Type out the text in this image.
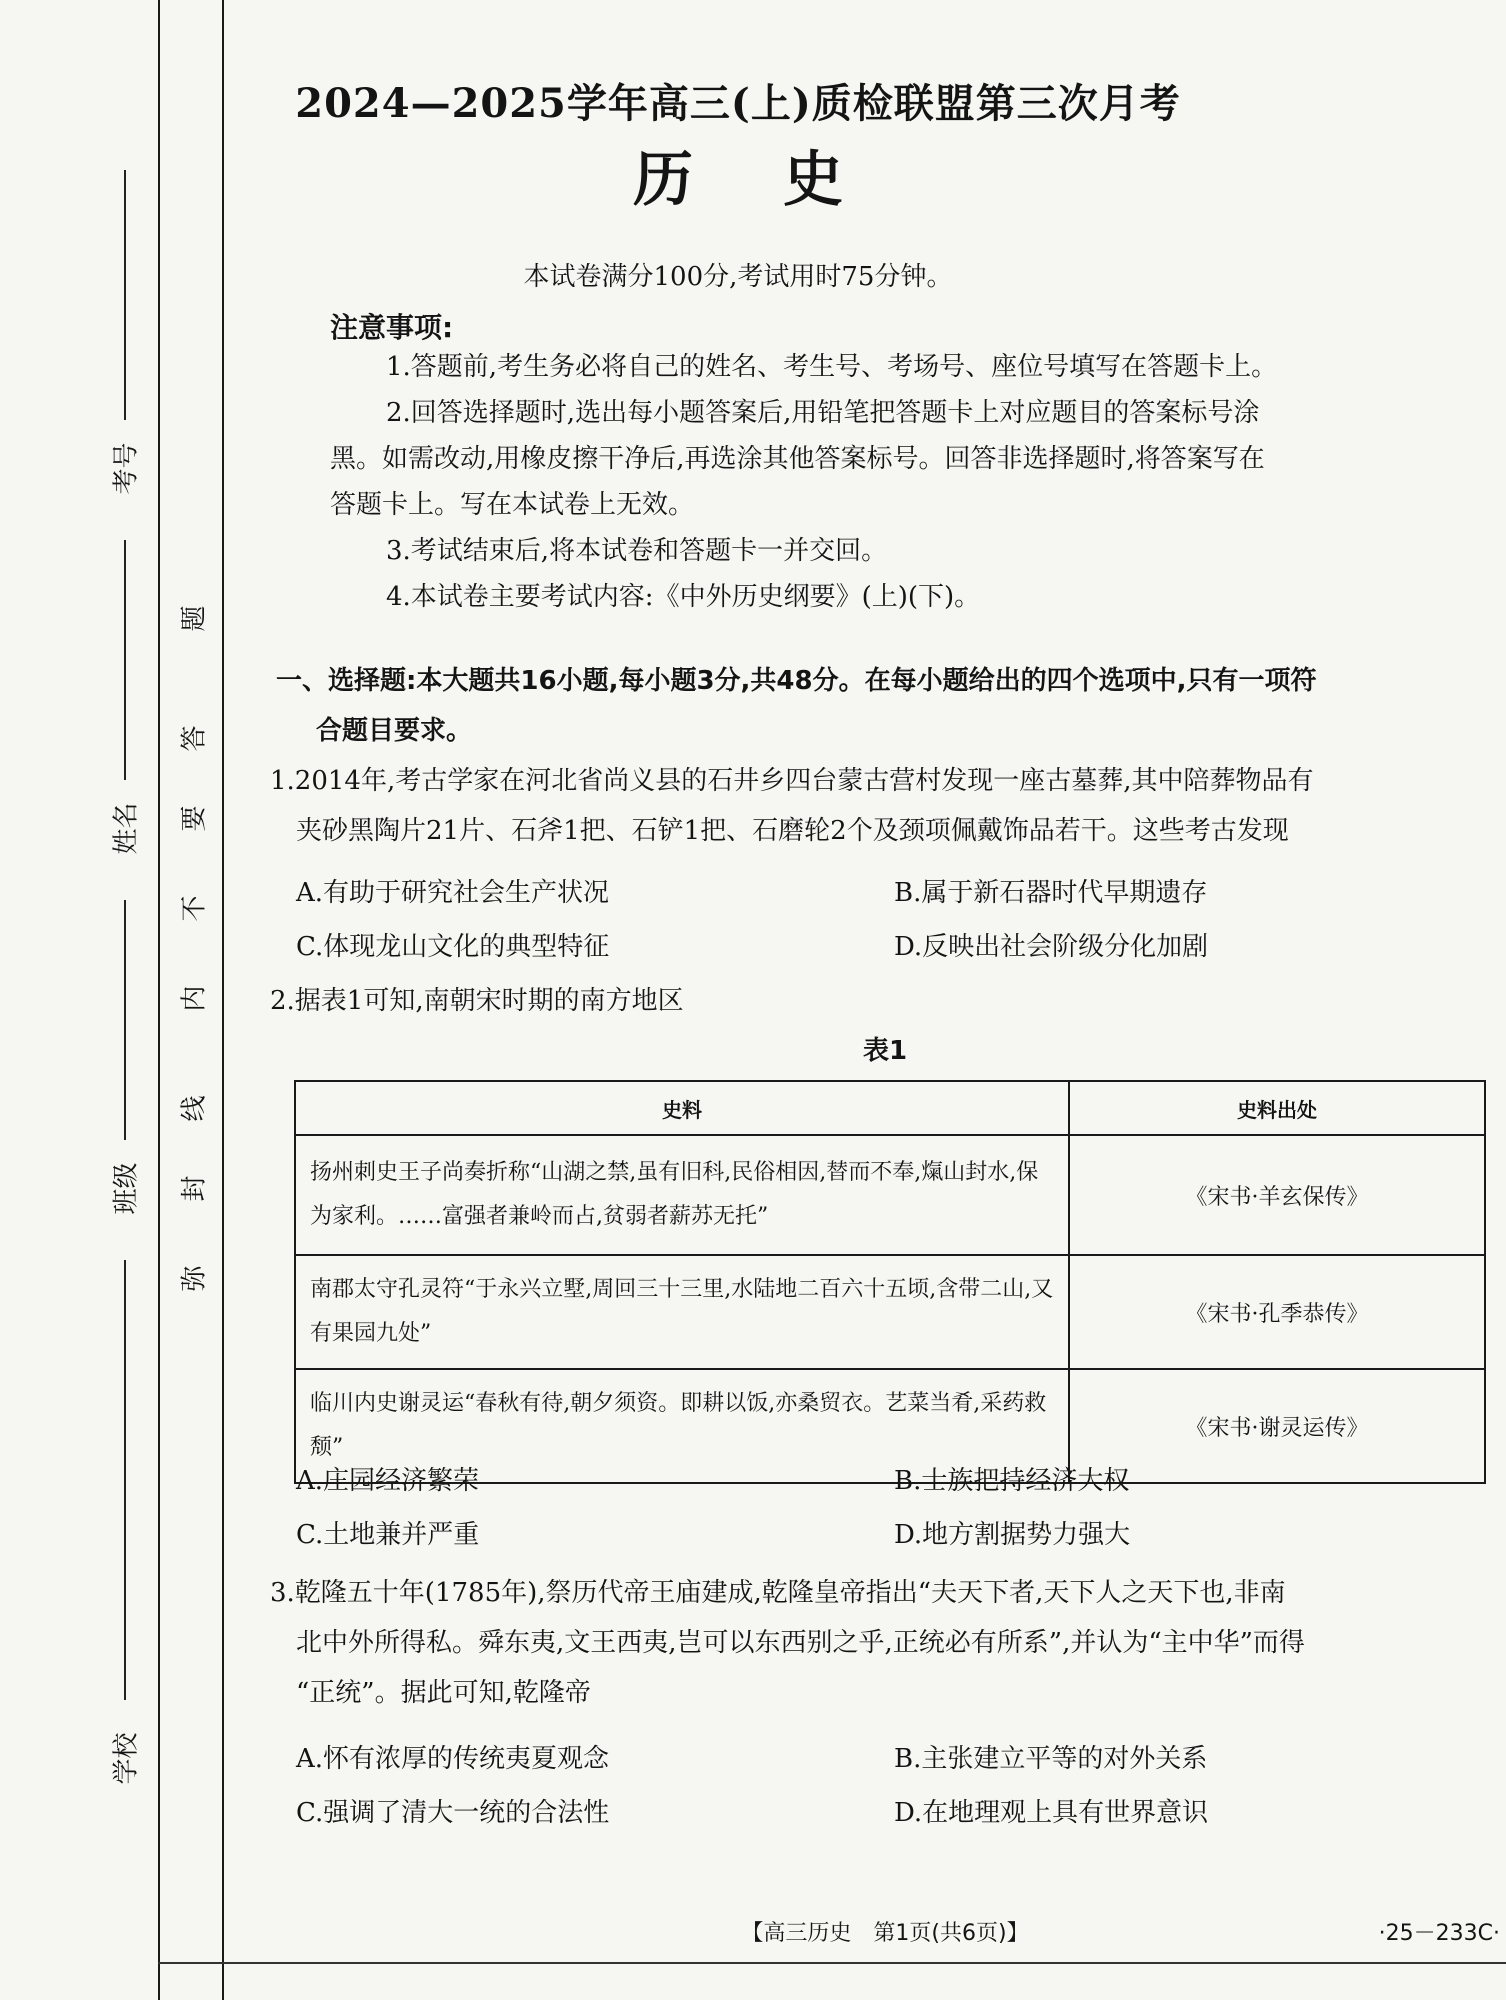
考号
姓名
班级
学校
题
答
要
不
内
线
封
弥
2024—2025学年高三(上)质检联盟第三次月考
历史
本试卷满分100分,考试用时75分钟。
注意事项:
1.答题前,考生务必将自己的姓名、考生号、考场号、座位号填写在答题卡上。
2.回答选择题时,选出每小题答案后,用铅笔把答题卡上对应题目的答案标号涂
黑。如需改动,用橡皮擦干净后,再选涂其他答案标号。回答非选择题时,将答案写在
答题卡上。写在本试卷上无效。
3.考试结束后,将本试卷和答题卡一并交回。
4.本试卷主要考试内容:《中外历史纲要》(上)(下)。
一、选择题:本大题共16小题,每小题3分,共48分。在每小题给出的四个选项中,只有一项符
合题目要求。
1.2014年,考古学家在河北省尚义县的石井乡四台蒙古营村发现一座古墓葬,其中陪葬物品有
夹砂黑陶片21片、石斧1把、石铲1把、石磨轮2个及颈项佩戴饰品若干。这些考古发现
A.有助于研究社会生产状况	B.属于新石器时代早期遗存
C.体现龙山文化的典型特征	D.反映出社会阶级分化加剧
2.据表1可知,南朝宋时期的南方地区
表1
史料	史料出处
扬州刺史王子尚奏折称“山湖之禁,虽有旧科,民俗相因,替而不奉,熂山封水,保为家利。……富强者兼岭而占,贫弱者薪苏无托”	《宋书·羊玄保传》
南郡太守孔灵符“于永兴立墅,周回三十三里,水陆地二百六十五顷,含带二山,又有果园九处”	《宋书·孔季恭传》
临川内史谢灵运“春秋有待,朝夕须资。即耕以饭,亦桑贸衣。艺菜当肴,采药救颓”	《宋书·谢灵运传》
A.庄园经济繁荣	B.士族把持经济大权
C.土地兼并严重	D.地方割据势力强大
3.乾隆五十年(1785年),祭历代帝王庙建成,乾隆皇帝指出“夫天下者,天下人之天下也,非南
北中外所得私。舜东夷,文王西夷,岂可以东西别之乎,正统必有所系”,并认为“主中华”而得
“正统”。据此可知,乾隆帝
A.怀有浓厚的传统夷夏观念	B.主张建立平等的对外关系
C.强调了清大一统的合法性	D.在地理观上具有世界意识
【高三历史　第1页(共6页)】	·25－233C·
